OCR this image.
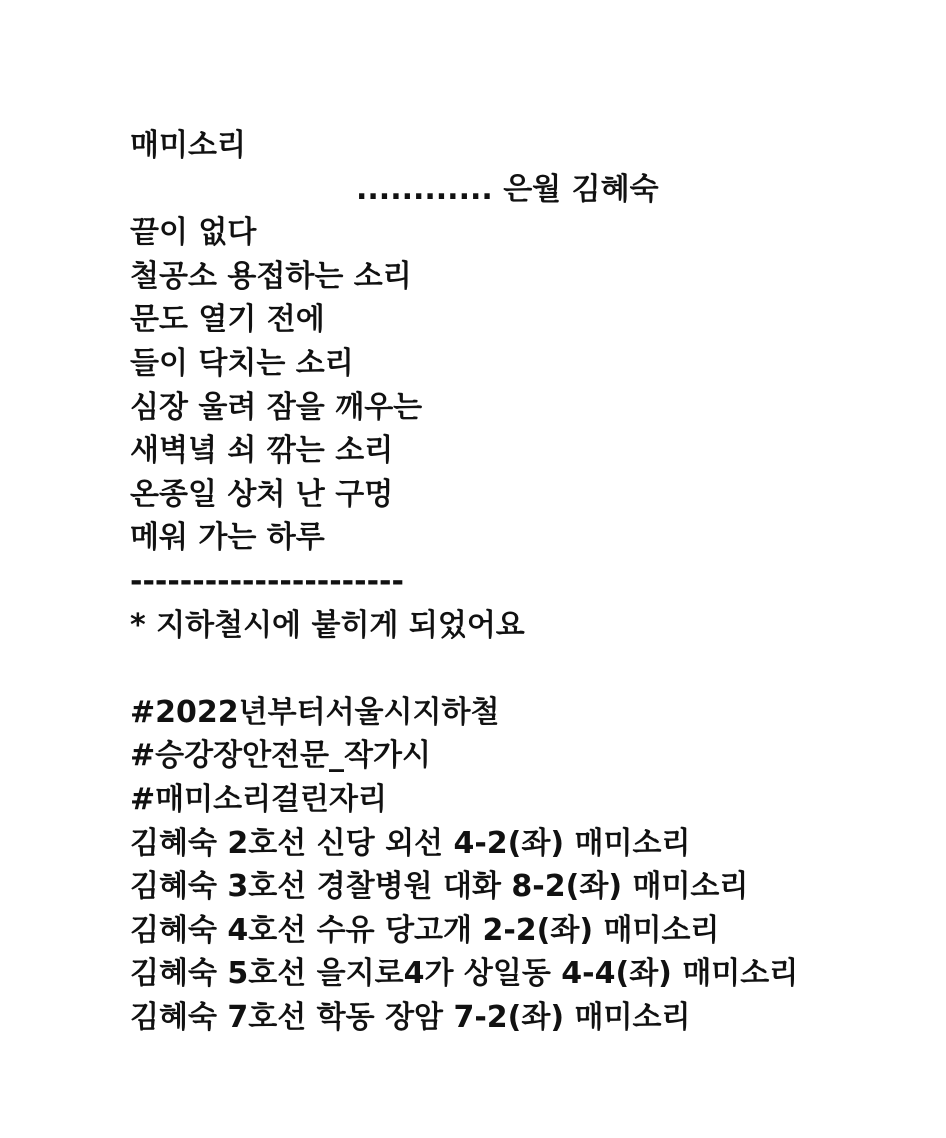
매미소리
............ 은월 김혜숙
끝이 없다
철공소 용접하는 소리
문도 열기 전에
들이 닥치는 소리
심장 울려 잠을 깨우는
새벽녘 쇠 깎는 소리
온종일 상처 난 구멍
메워 가는 하루
----------------------
* 지하철시에 붙히게 되었어요
#2022년부터서울시지하철
#승강장안전문_작가시
#매미소리걸린자리
김혜숙 2호선 신당 외선 4-2(좌) 매미소리
김혜숙 3호선 경찰병원 대화 8-2(좌) 매미소리
김혜숙 4호선 수유 당고개 2-2(좌) 매미소리
김혜숙 5호선 을지로4가 상일동 4-4(좌) 매미소리
김혜숙 7호선 학동 장암 7-2(좌) 매미소리
